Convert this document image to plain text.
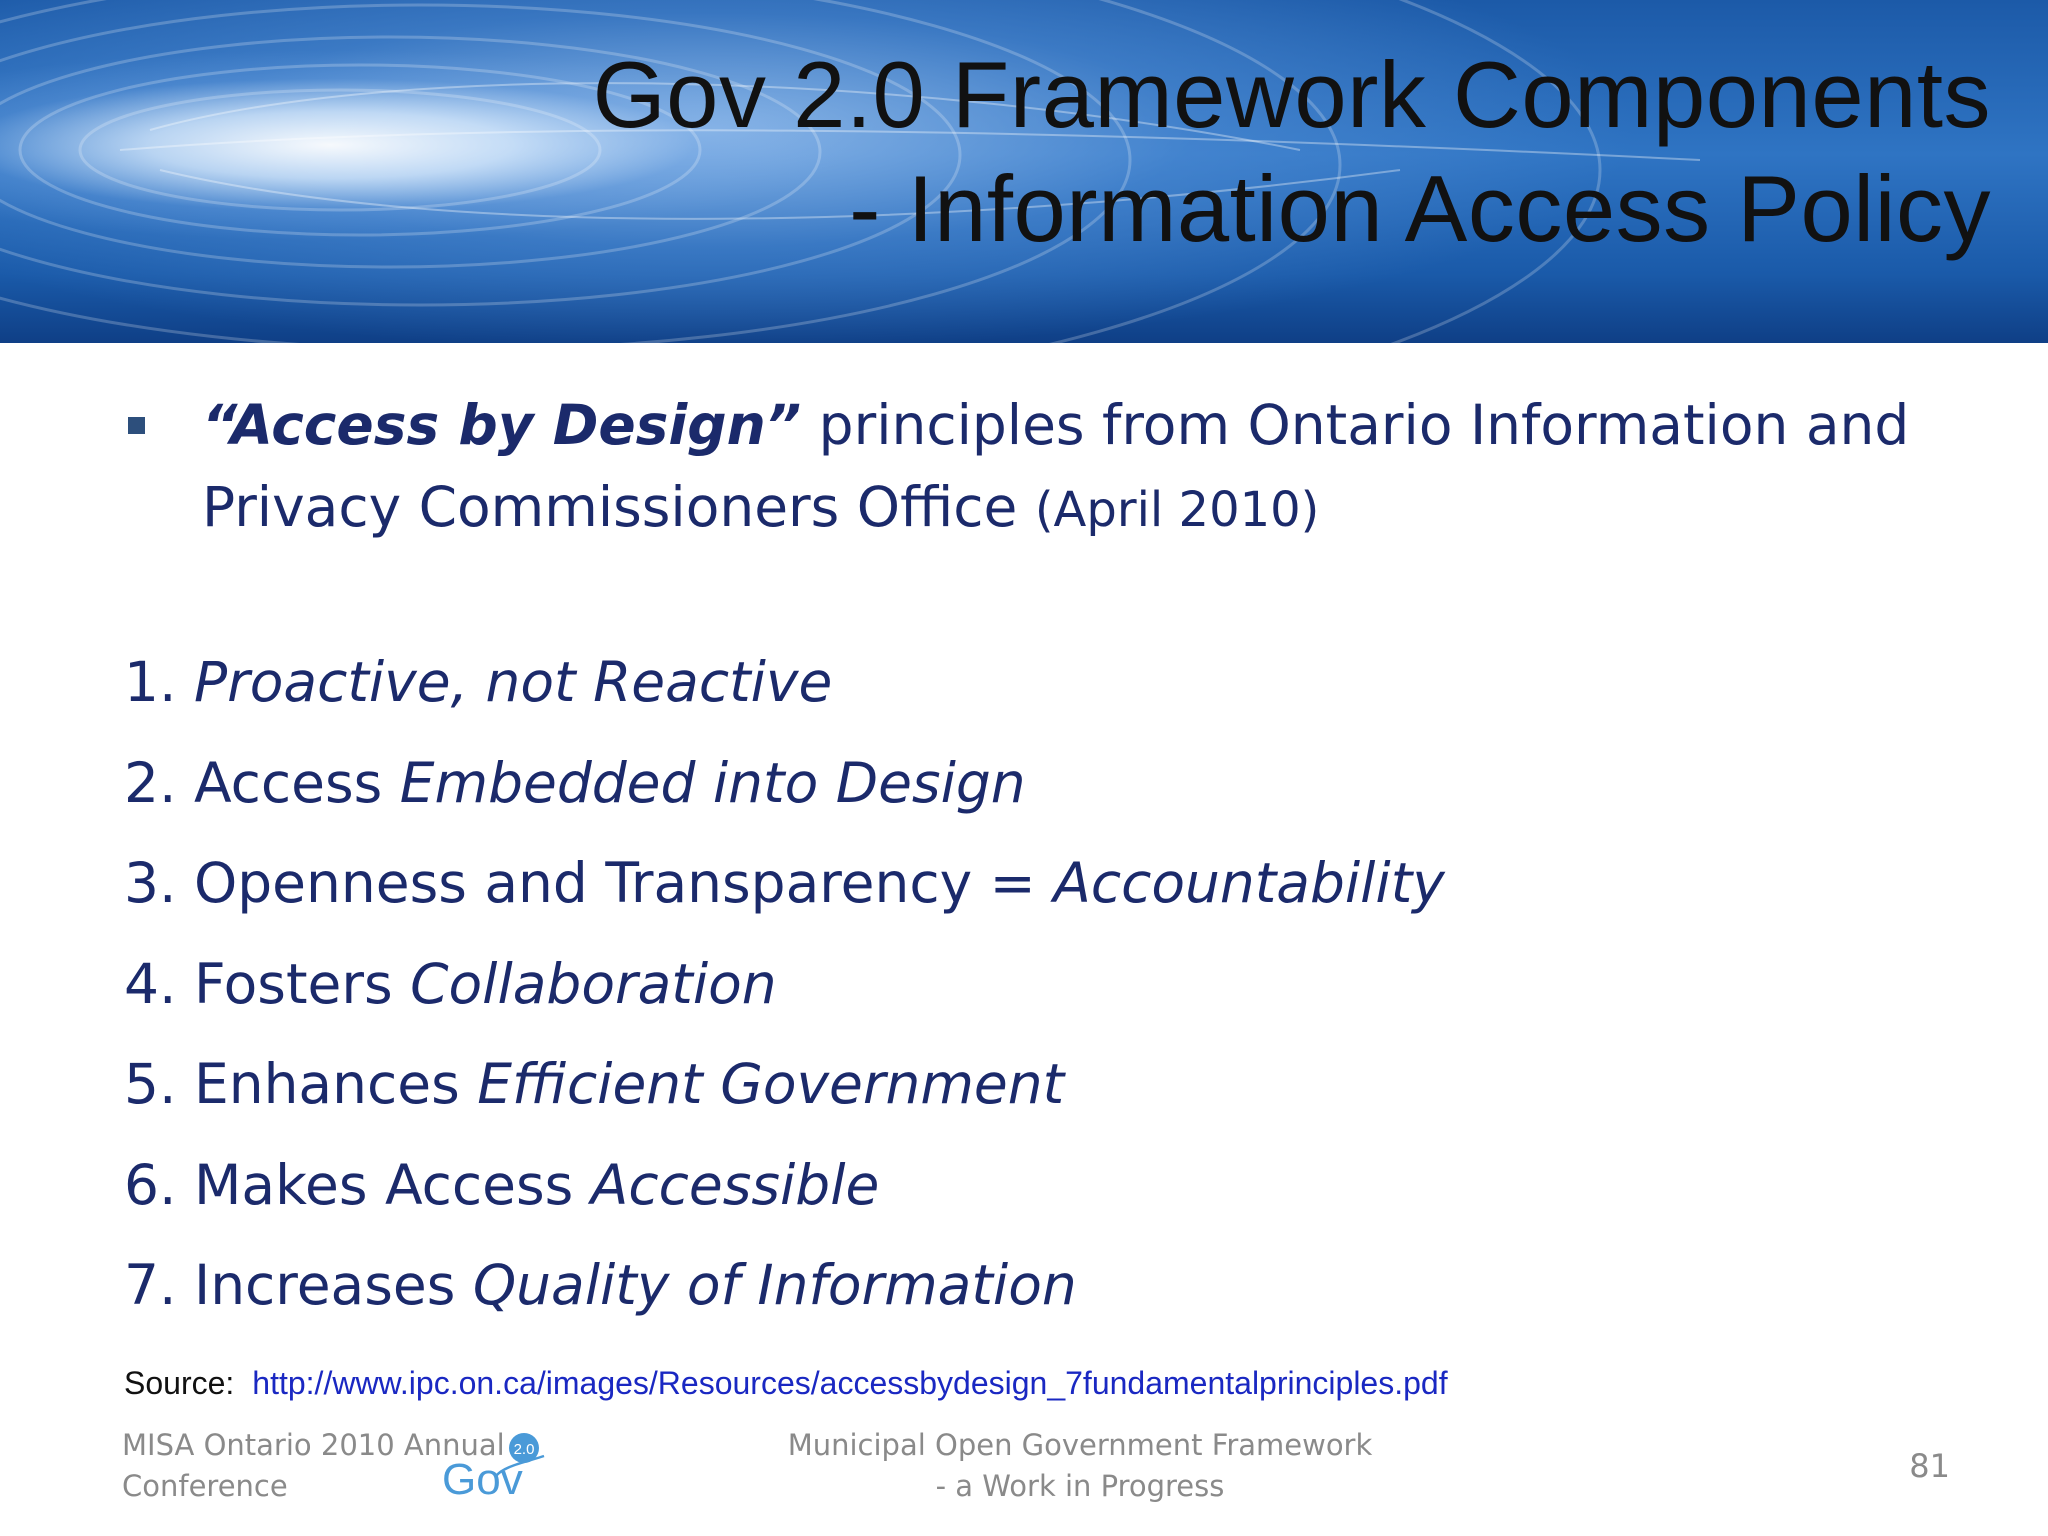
Gov 2.0 Framework Components
- Information Access Policy

“Access by Design” principles from Ontario Information and Privacy Commissioners Office (April 2010)

1. Proactive, not Reactive
2. Access Embedded into Design
3. Openness and Transparency = Accountability
4. Fosters Collaboration
5. Enhances Efficient Government
6. Makes Access Accessible
7. Increases Quality of Information
Source: http://www.ipc.on.ca/images/Resources/accessbydesign_7fundamentalprinciples.pdf
MISA Ontario 2010 Annual
Conference
2.0
Gov
Municipal Open Government Framework
- a Work in Progress
81
